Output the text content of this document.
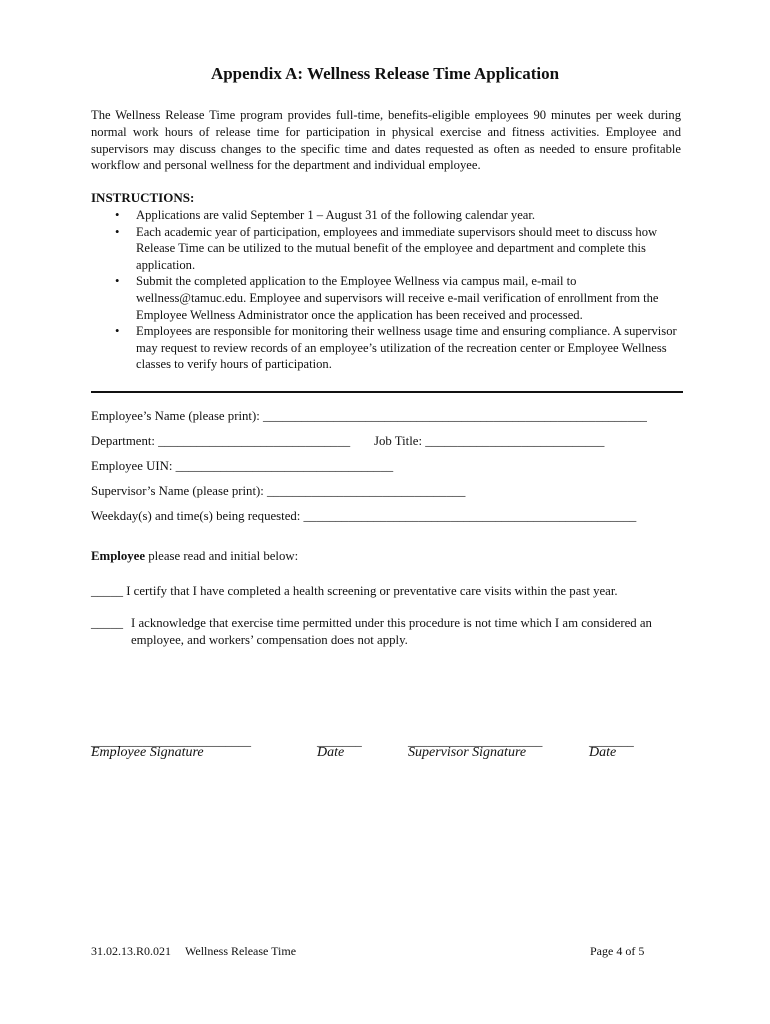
Appendix A: Wellness Release Time Application
The Wellness Release Time program provides full-time, benefits-eligible employees 90 minutes per week during normal work hours of release time for participation in physical exercise and fitness activities. Employee and supervisors may discuss changes to the specific time and dates requested as often as needed to ensure profitable workflow and personal wellness for the department and individual employee.
INSTRUCTIONS:
• Applications are valid September 1 – August 31 of the following calendar year.
• Each academic year of participation, employees and immediate supervisors should meet to discuss how Release Time can be utilized to the mutual benefit of the employee and department and complete this application.
• Submit the completed application to the Employee Wellness via campus mail, e-mail to wellness@tamuc.edu. Employee and supervisors will receive e-mail verification of enrollment from the Employee Wellness Administrator once the application has been received and processed.
• Employees are responsible for monitoring their wellness usage time and ensuring compliance. A supervisor may request to review records of an employee’s utilization of the recreation center or Employee Wellness classes to verify hours of participation.
Employee’s Name (please print): ____________________________________________________________
Department: ______________________________ Job Title: ____________________________
Employee UIN: __________________________________
Supervisor’s Name (please print): _______________________________
Weekday(s) and time(s) being requested: ____________________________________________________
Employee please read and initial below:
_____ I certify that I have completed a health screening or preventative care visits within the past year.
_____ I acknowledge that exercise time permitted under this procedure is not time which I am considered an employee, and workers’ compensation does not apply.
_________________________
Employee Signature
_______
Date
_____________________
Supervisor Signature
_______
Date
31.02.13.R0.021 Wellness Release Time	Page 4 of 5
